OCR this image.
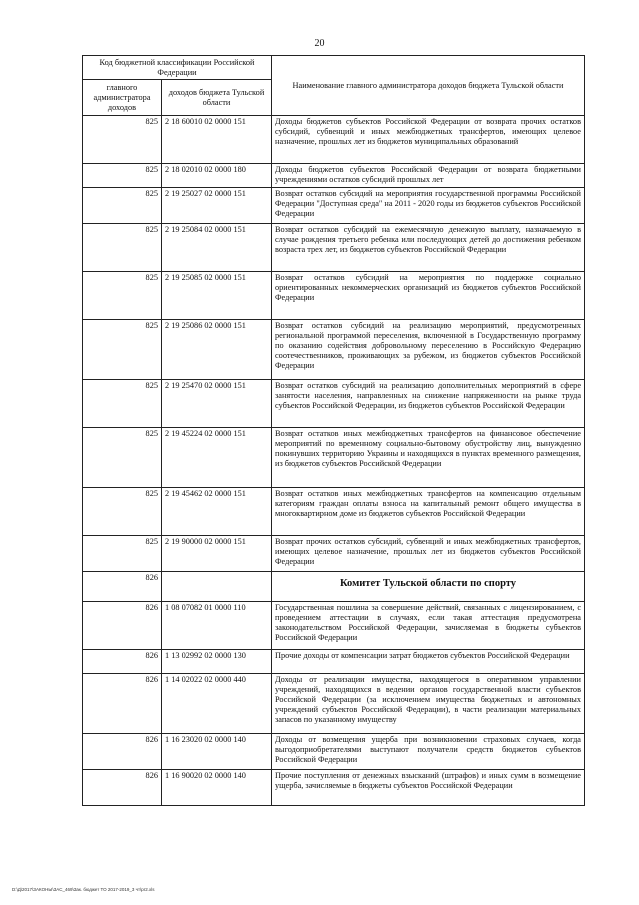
20
Код бюджетной классификации Российской Федерации		Наименование главного администратора доходов бюджета Тульской области
главного администратора доходов	доходов бюджета Тульской области	
825	2 18 60010 02 0000 151	Доходы бюджетов субъектов Российской Федерации от возврата прочих остатков субсидий, субвенций и иных межбюджетных трансфертов, имеющих целевое назначение, прошлых лет из бюджетов муниципальных образований
825	2 18 02010 02 0000 180	Доходы бюджетов субъектов Российской Федерации от возврата бюджетными учреждениями остатков субсидий прошлых лет
825	2 19 25027 02 0000 151	Возврат остатков субсидий на мероприятия государственной программы Российской Федерации "Доступная среда" на 2011 - 2020 годы из бюджетов субъектов Российской Федерации
825	2 19 25084 02 0000 151	Возврат остатков субсидий на ежемесячную денежную выплату, назначаемую в случае рождения третьего ребенка или последующих детей до достижения ребенком возраста трех лет, из бюджетов субъектов Российской Федерации
825	2 19 25085 02 0000 151	Возврат остатков субсидий на мероприятия по поддержке социально ориентированных некоммерческих организаций из бюджетов субъектов Российской Федерации
825	2 19 25086 02 0000 151	Возврат остатков субсидий на реализацию мероприятий, предусмотренных региональной программой переселения, включенной в Государственную программу по оказанию содействия добровольному переселению в Российскую Федерацию соотечественников, проживающих за рубежом, из бюджетов субъектов Российской Федерации
825	2 19 25470 02 0000 151	Возврат остатков субсидий на реализацию дополнительных мероприятий в сфере занятости населения, направленных на снижение напряженности на рынке труда субъектов Российской Федерации, из бюджетов субъектов Российской Федерации
825	2 19 45224 02 0000 151	Возврат остатков иных межбюджетных трансфертов на финансовое обеспечение мероприятий по временному социально-бытовому обустройству лиц, вынужденно покинувших территорию Украины и находящихся в пунктах временного размещения, из бюджетов субъектов Российской Федерации
825	2 19 45462 02 0000 151	Возврат остатков иных межбюджетных трансфертов на компенсацию отдельным категориям граждан оплаты взноса на капитальный ремонт общего имущества в многоквартирном доме из бюджетов субъектов Российской Федерации
825	2 19 90000 02 0000 151	Возврат прочих остатков субсидий, субвенций и иных межбюджетных трансфертов, имеющих целевое назначение, прошлых лет из бюджетов субъектов Российской Федерации
826		Комитет Тульской области по спорту
826	1 08 07082 01 0000 110	Государственная пошлина за совершение действий, связанных с лицензированием, с проведением аттестации в случаях, если такая аттестация предусмотрена законодательством Российской Федерации, зачисляемая в бюджеты субъектов Российской Федерации
826	1 13 02992 02 0000 130	Прочие доходы от компенсации затрат бюджетов субъектов Российской Федерации
826	1 14 02022 02 0000 440	Доходы от реализации имущества, находящегося в оперативном управлении учреждений, находящихся в ведении органов государственной власти субъектов Российской Федерации (за исключением имущества бюджетных и автономных учреждений субъектов Российской Федерации), в части реализации материальных запасов по указанному имуществу
826	1 16 23020 02 0000 140	Доходы от возмещения ущерба при возникновении страховых случаев, когда выгодоприобретателями выступают получатели средств бюджетов субъектов Российской Федерации
826	1 16 90020 02 0000 140	Прочие поступления от денежных взысканий (штрафов) и иных сумм в возмещение ущерба, зачисляемые в бюджеты субъектов Российской Федерации
D:\Д\2017\ЗАКОНЫ\ЗАС_469\Зак. бюджет ТО 2017-2019_3 чт\pr2.xls
